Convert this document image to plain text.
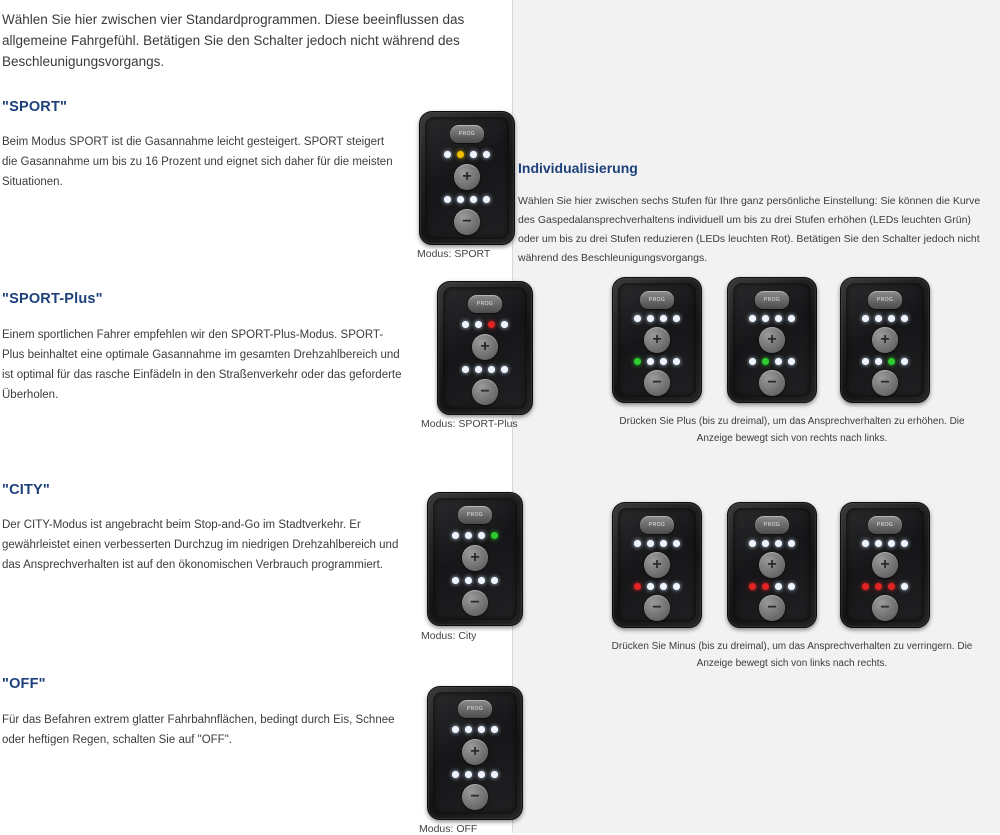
Wählen Sie hier zwischen vier Standardprogrammen. Diese beeinflussen das allgemeine Fahrgefühl. Betätigen Sie den Schalter jedoch nicht während des Beschleunigungsvorgangs.
"SPORT"
Beim Modus SPORT ist die Gasannahme leicht gesteigert. SPORT steigert die Gasannahme um bis zu 16 Prozent und eignet sich daher für die meisten Situationen.
PROG
+
−
Modus: SPORT
"SPORT-Plus"
Einem sportlichen Fahrer empfehlen wir den SPORT-Plus-Modus. SPORT-Plus beinhaltet eine optimale Gasannahme im gesamten Drehzahlbereich und ist optimal für das rasche Einfädeln in den Straßenverkehr oder das geforderte Überholen.
PROG
+
−
Modus: SPORT-Plus
"CITY"
Der CITY-Modus ist angebracht beim Stop-and-Go im Stadtverkehr. Er gewährleistet einen verbesserten Durchzug im niedrigen Drehzahlbereich und das Ansprechverhalten ist auf den ökonomischen Verbrauch programmiert.
PROG
+
−
Modus: City
"OFF"
Für das Befahren extrem glatter Fahrbahnflächen, bedingt durch Eis, Schnee oder heftigen Regen, schalten Sie auf "OFF".
PROG
+
−
Modus: OFF
Individualisierung
Wählen Sie hier zwischen sechs Stufen für Ihre ganz persönliche Einstellung: Sie können die Kurve des Gaspedalansprechverhaltens individuell um bis zu drei Stufen erhöhen (LEDs leuchten Grün) oder um bis zu drei Stufen reduzieren (LEDs leuchten Rot). Betätigen Sie den Schalter jedoch nicht während des Beschleunigungsvorgangs.
PROG
+
−
PROG
+
−
PROG
+
−
Drücken Sie Plus (bis zu dreimal), um das Ansprechverhalten zu erhöhen. Die Anzeige bewegt sich von rechts nach links.
PROG
+
−
PROG
+
−
PROG
+
−
Drücken Sie Minus (bis zu dreimal), um das Ansprechverhalten zu verringern. Die Anzeige bewegt sich von links nach rechts.
